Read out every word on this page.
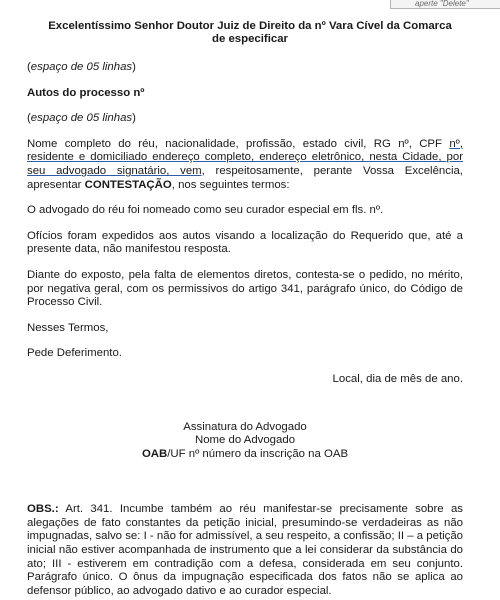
aperte "Delete"
Excelentíssimo Senhor Doutor Juiz de Direito da nº Vara Cível da Comarca
de especificar
(espaço de 05 linhas)
Autos do processo nº
(espaço de 05 linhas)
Nome completo do réu, nacionalidade, profissão, estado civil, RG nº, CPF nº, residente e domiciliado endereço completo, endereço eletrônico, nesta Cidade, por seu advogado signatário, vem, respeitosamente, perante Vossa Excelência, apresentar CONTESTAÇÃO, nos seguintes termos:
O advogado do réu foi nomeado como seu curador especial em fls. nº.
Ofícios foram expedidos aos autos visando a localização do Requerido que, até a presente data, não manifestou resposta.
Diante do exposto, pela falta de elementos diretos, contesta-se o pedido, no mérito, por negativa geral, com os permissivos do artigo 341, parágrafo único, do Código de Processo Civil.
Nesses Termos,
Pede Deferimento.
Local, dia de mês de ano.
Assinatura do Advogado
Nome do Advogado
OAB/UF nº número da inscrição na OAB
OBS.: Art. 341. Incumbe também ao réu manifestar-se precisamente sobre as alegações de fato constantes da petição inicial, presumindo-se verdadeiras as não impugnadas, salvo se: I - não for admissível, a seu respeito, a confissão; II – a petição inicial não estiver acompanhada de instrumento que a lei considerar da substância do ato; III - estiverem em contradição com a defesa, considerada em seu conjunto. Parágrafo único. O ônus da impugnação especificada dos fatos não se aplica ao defensor público, ao advogado dativo e ao curador especial.
